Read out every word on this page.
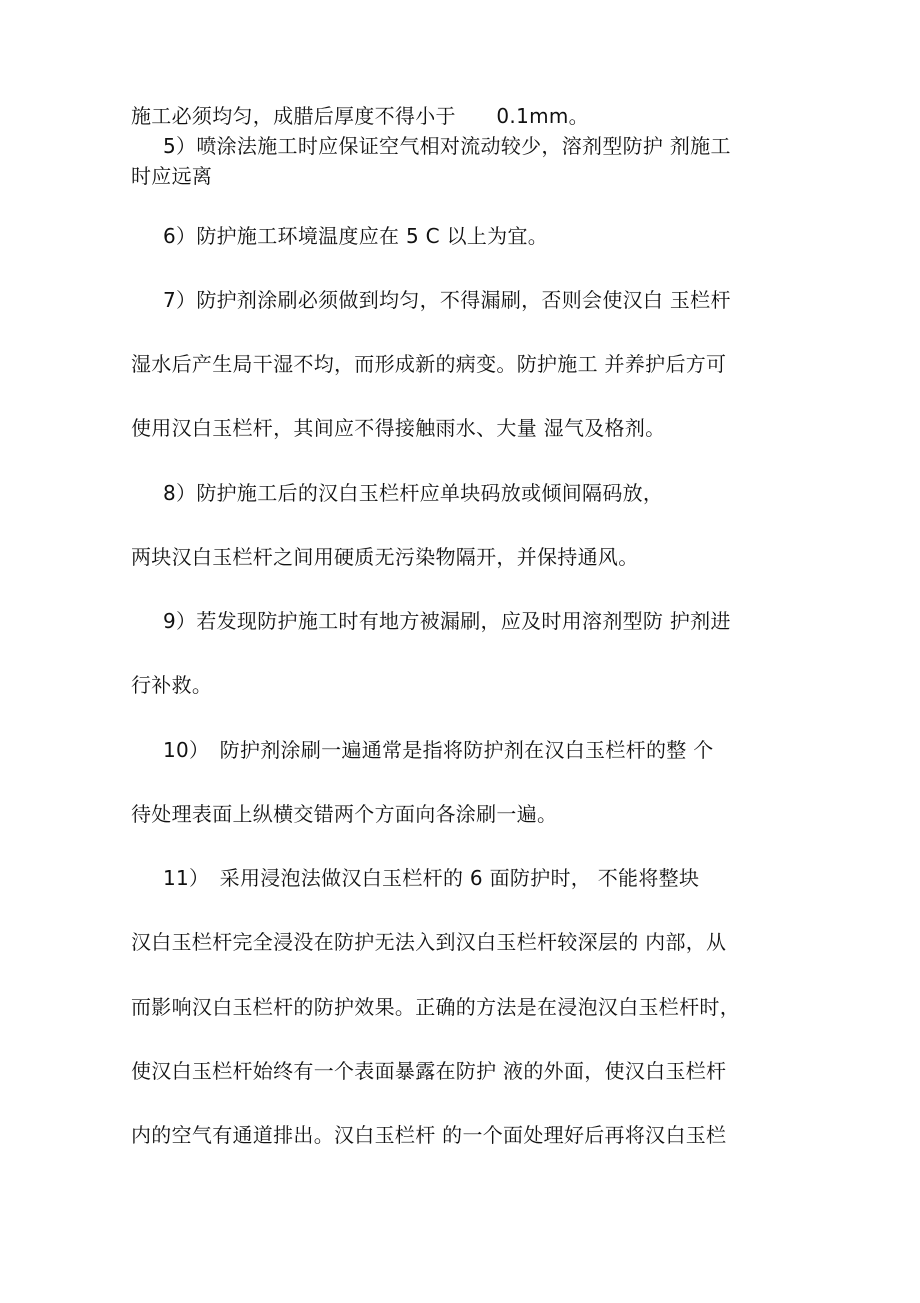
施工必须均匀，成腊后厚度不得小于　　0.1mm。
5）喷涂法施工时应保证空气相对流动较少，溶剂型防护 剂施工
时应远离
6）防护施工环境温度应在 5 C 以上为宜。
7）防护剂涂刷必须做到均匀，不得漏刷，否则会使汉白 玉栏杆
湿水后产生局干湿不均，而形成新的病变。防护施工 并养护后方可
使用汉白玉栏杆，其间应不得接触雨水、大量 湿气及格剂。
8）防护施工后的汉白玉栏杆应单块码放或倾间隔码放，
两块汉白玉栏杆之间用硬质无污染物隔开，并保持通风。
9）若发现防护施工时有地方被漏刷，应及时用溶剂型防 护剂进
行补救。
10）　防护剂涂刷一遍通常是指将防护剂在汉白玉栏杆的整 个
待处理表面上纵横交错两个方面向各涂刷一遍。
11）　采用浸泡法做汉白玉栏杆的 6 面防护时， 不能将整块
汉白玉栏杆完全浸没在防护无法入到汉白玉栏杆较深层的 内部，从
而影响汉白玉栏杆的防护效果。正确的方法是在浸泡汉白玉栏杆时，
使汉白玉栏杆始终有一个表面暴露在防护 液的外面，使汉白玉栏杆
内的空气有通道排出。汉白玉栏杆 的一个面处理好后再将汉白玉栏
